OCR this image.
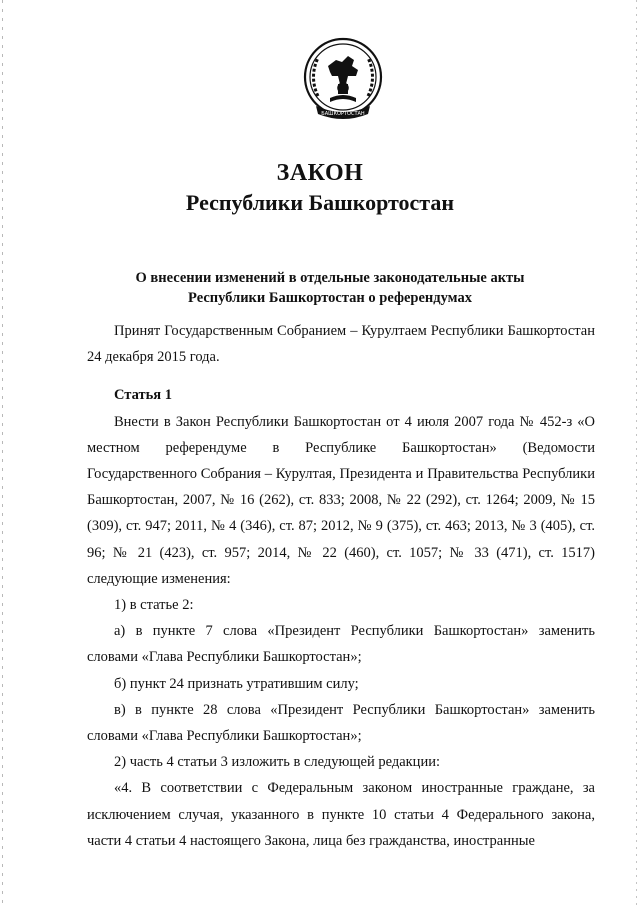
БАШКОРТОСТАН
ЗАКОН
Республики Башкортостан
О внесении изменений в отдельные законодательные акты
Республики Башкортостан о референдумах

Принят Государственным Собранием – Курултаем Республики Башкортостан 24 декабря 2015 года.

Статья 1

Внести в Закон Республики Башкортостан от 4 июля 2007 года № 452-з «О местном референдуме в Республике Башкортостан» (Ведомости Государственного Собрания – Курултая, Президента и Правительства Республики Башкортостан, 2007, № 16 (262), ст. 833; 2008, № 22 (292), ст. 1264; 2009, № 15 (309), ст. 947; 2011, № 4 (346), ст. 87; 2012, № 9 (375), ст. 463; 2013, № 3 (405), ст. 96; № 21 (423), ст. 957; 2014, № 22 (460), ст. 1057; № 33 (471), ст. 1517) следующие изменения:

1) в статье 2:

а) в пункте 7 слова «Президент Республики Башкортостан» заменить словами «Глава Республики Башкортостан»;

б) пункт 24 признать утратившим силу;

в) в пункте 28 слова «Президент Республики Башкортостан» заменить словами «Глава Республики Башкортостан»;

2) часть 4 статьи 3 изложить в следующей редакции:

«4. В соответствии с Федеральным законом иностранные граждане, за исключением случая, указанного в пункте 10 статьи 4 Федерального закона, части 4 статьи 4 настоящего Закона, лица без гражданства, иностранные
